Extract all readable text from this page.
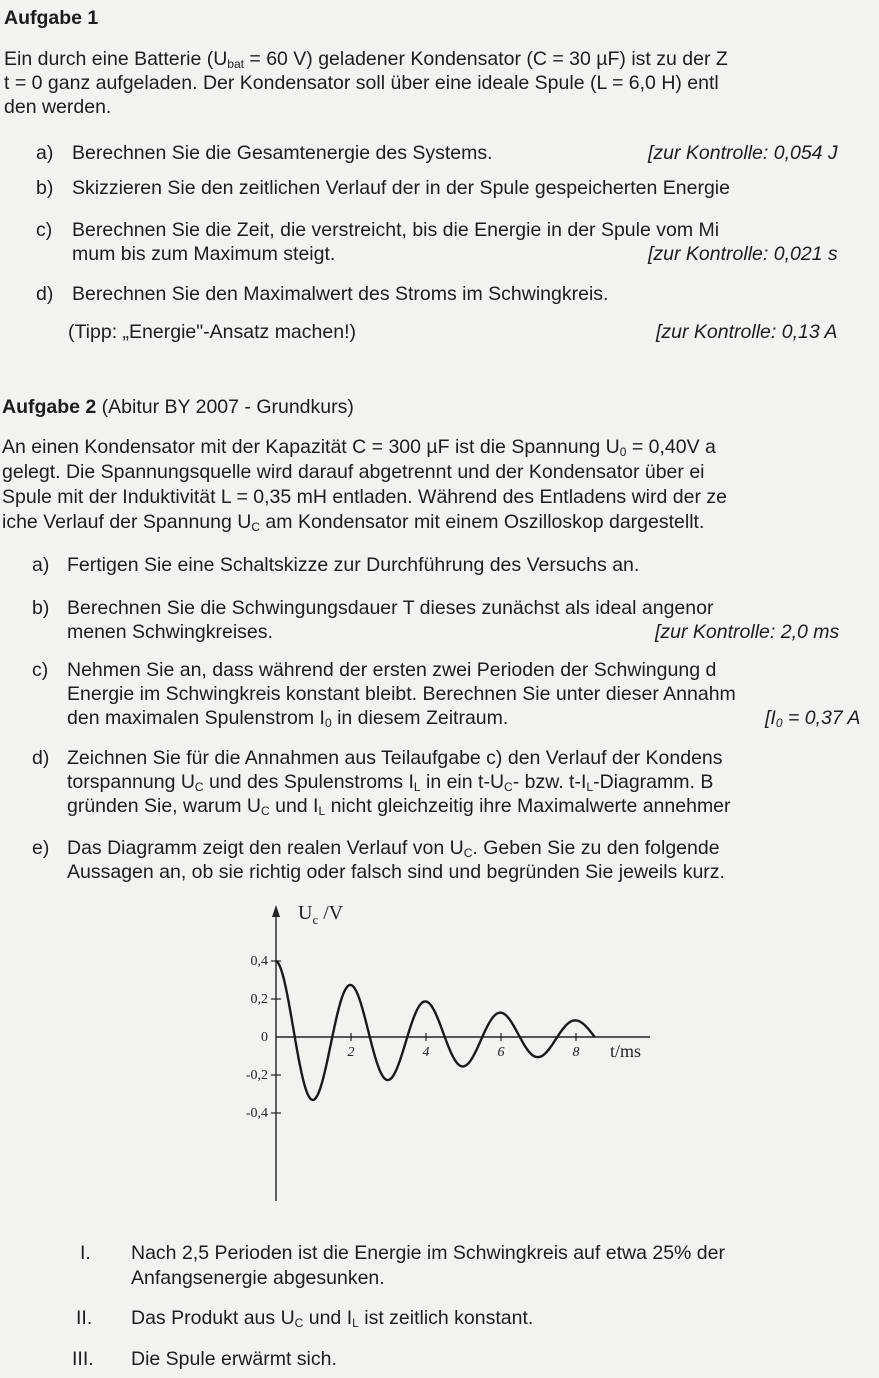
Aufgabe 1
Ein durch eine Batterie ($U_{bat} = 60$ V) geladener Kondensator (C = 30 µF) ist zu der Z
t = 0 ganz aufgeladen. Der Kondensator soll über eine ideale Spule (L = 6,0 H) entl
den werden.
a) Berechnen Sie die Gesamtenergie des Systems.	[zur Kontrolle: 0,054 J
b) Skizzieren Sie den zeitlichen Verlauf der in der Spule gespeicherten Energie
c) Berechnen Sie die Zeit, die verstreicht, bis die Energie in der Spule vom Mi
mum bis zum Maximum steigt.	[zur Kontrolle: 0,021 s
d) Berechnen Sie den Maximalwert des Stroms im Schwingkreis.
(Tipp: „Energie"-Ansatz machen!)	[zur Kontrolle: 0,13 A
Aufgabe 2 (Abitur BY 2007 - Grundkurs)
An einen Kondensator mit der Kapazität C = 300 µF ist die Spannung $U_0 = 0,40V$ a
gelegt. Die Spannungsquelle wird darauf abgetrennt und der Kondensator über ei
Spule mit der Induktivität L = 0,35 mH entladen. Während des Entladens wird der ze
iche Verlauf der Spannung $U_C$ am Kondensator mit einem Oszilloskop dargestellt.
a) Fertigen Sie eine Schaltskizze zur Durchführung des Versuchs an.
b) Berechnen Sie die Schwingungsdauer T dieses zunächst als ideal angenor
menen Schwingkreises.	[zur Kontrolle: 2,0 ms
c) Nehmen Sie an, dass während der ersten zwei Perioden der Schwingung d
Energie im Schwingkreis konstant bleibt. Berechnen Sie unter dieser Annahm
den maximalen Spulenstrom $I_0$ in diesem Zeitraum.	[$I_0 = 0,37$ A
d) Zeichnen Sie für die Annahmen aus Teilaufgabe c) den Verlauf der Kondens
torspannung $U_C$ und des Spulenstroms $I_L$ in ein $t-U_C-$ bzw. $t-I_L$-Diagramm. B
gründen Sie, warum $U_C$ und $I_L$ nicht gleichzeitig ihre Maximalwerte annehmer
e) Das Diagramm zeigt den realen Verlauf von $U_C$. Geben Sie zu den folgende
Aussagen an, ob sie richtig oder falsch sind und begründen Sie jeweils kurz.
$U_c$ /V
t/ms
0,4
0,2
0
-0,2
-0,4
2	4	6	8
I. Nach 2,5 Perioden ist die Energie im Schwingkreis auf etwa 25% der
Anfangsenergie abgesunken.
II. Das Produkt aus $U_C$ und $I_L$ ist zeitlich konstant.
III. Die Spule erwärmt sich.
